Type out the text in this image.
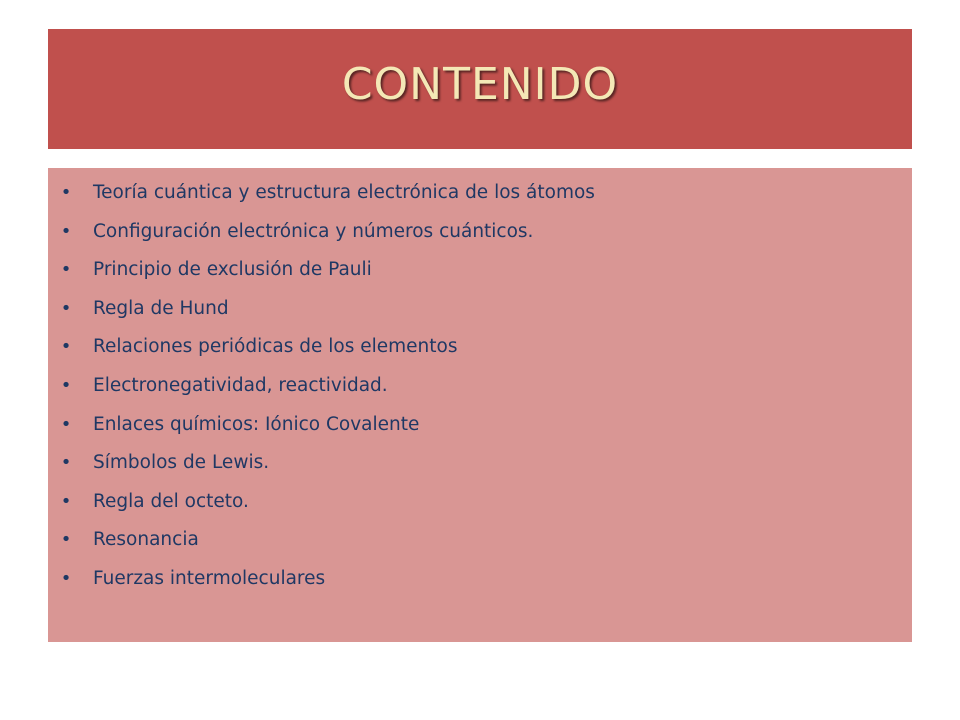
CONTENIDO
• Teoría cuántica y estructura electrónica de los átomos
• Configuración electrónica y números cuánticos.
• Principio de exclusión de Pauli
• Regla de Hund
• Relaciones periódicas de los elementos
• Electronegatividad, reactividad.
• Enlaces químicos: Iónico Covalente
• Símbolos de Lewis.
• Regla del octeto.
• Resonancia
• Fuerzas intermoleculares
